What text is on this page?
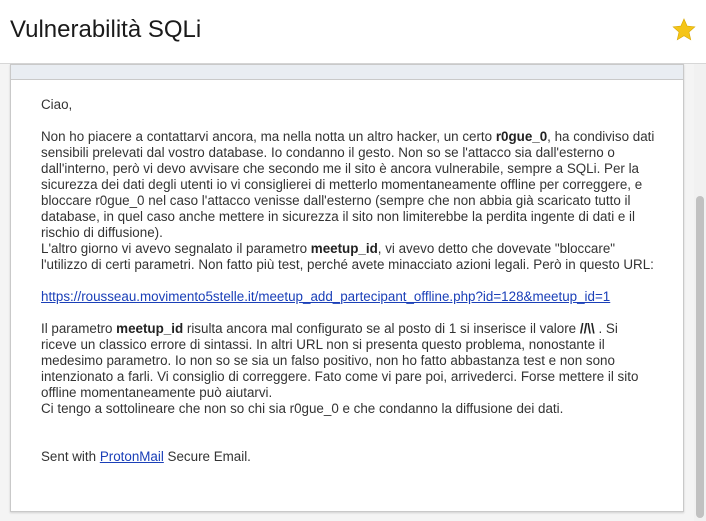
Vulnerabilità SQLi

Ciao,

Non ho piacere a contattarvi ancora, ma nella notta un altro hacker, un certo r0gue_0, ha condiviso dati sensibili prelevati dal vostro database. Io condanno il gesto. Non so se l'attacco sia dall'esterno o dall'interno, però vi devo avvisare che secondo me il sito è ancora vulnerabile, sempre a SQLi. Per la sicurezza dei dati degli utenti io vi consiglierei di metterlo momentaneamente offline per correggere, e bloccare r0gue_0 nel caso l'attacco venisse dall'esterno (sempre che non abbia già scaricato tutto il database, in quel caso anche mettere in sicurezza il sito non limiterebbe la perdita ingente di dati e il rischio di diffusione).

L'altro giorno vi avevo segnalato il parametro meetup_id, vi avevo detto che dovevate "bloccare" l'utilizzo di certi parametri. Non fatto più test, perché avete minacciato azioni legali. Però in questo URL:

https://rousseau.movimento5stelle.it/meetup_add_partecipant_offline.php?id=128&meetup_id=1

Il parametro meetup_id risulta ancora mal configurato se al posto di 1 si inserisce il valore //\\ . Si riceve un classico errore di sintassi. In altri URL non si presenta questo problema, nonostante il medesimo parametro. Io non so se sia un falso positivo, non ho fatto abbastanza test e non sono intenzionato a farli. Vi consiglio di correggere. Fato come vi pare poi, arrivederci. Forse mettere il sito offline momentaneamente può aiutarvi.

Ci tengo a sottolineare che non so chi sia r0gue_0 e che condanno la diffusione dei dati.

Sent with ProtonMail Secure Email.
